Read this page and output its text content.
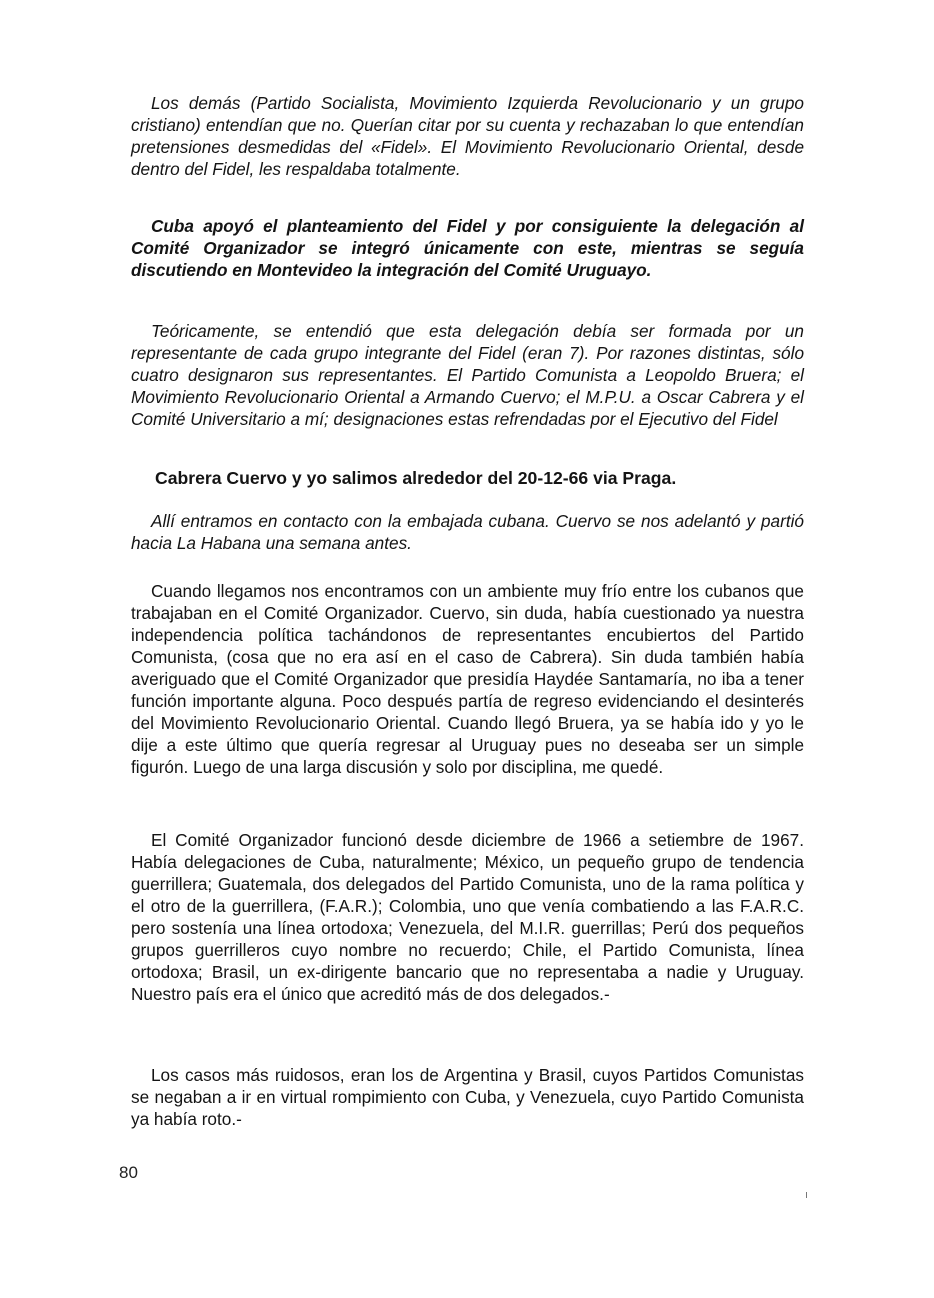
Los demás (Partido Socialista, Movimiento Izquierda Revolucionario y un grupo cristiano) entendían que no. Querían citar por su cuenta y rechazaban lo que entendían pretensiones desmedidas del «Fidel». El Movimiento Revolucionario Oriental, desde dentro del Fidel, les respaldaba totalmente.

Cuba apoyó el planteamiento del Fidel y por consiguiente la delegación al Comité Organizador se integró únicamente con este, mientras se seguía discutiendo en Montevideo la integración del Comité Uruguayo.

Teóricamente, se entendió que esta delegación debía ser formada por un representante de cada grupo integrante del Fidel (eran 7). Por razones distintas, sólo cuatro designaron sus representantes. El Partido Comunista a Leopoldo Bruera; el Movimiento Revolucionario Oriental a Armando Cuervo; el M.P.U. a Oscar Cabrera y el Comité Universitario a mí; designaciones estas refrendadas por el Ejecutivo del Fidel

Cabrera Cuervo y yo salimos alrededor del 20-12-66 via Praga.

Allí entramos en contacto con la embajada cubana. Cuervo se nos adelantó y partió hacia La Habana una semana antes.

Cuando llegamos nos encontramos con un ambiente muy frío entre los cubanos que trabajaban en el Comité Organizador. Cuervo, sin duda, había cuestionado ya nuestra independencia política tachándonos de representantes encubiertos del Partido Comunista, (cosa que no era así en el caso de Cabrera). Sin duda también había averiguado que el Comité Organizador que presidía Haydée Santamaría, no iba a tener función importante alguna. Poco después partía de regreso evidenciando el desinterés del Movimiento Revolucionario Oriental. Cuando llegó Bruera, ya se había ido y yo le dije a este último que quería regresar al Uruguay pues no deseaba ser un simple figurón. Luego de una larga discusión y solo por disciplina, me quedé.

El Comité Organizador funcionó desde diciembre de 1966 a setiembre de 1967. Había delegaciones de Cuba, naturalmente; México, un pequeño grupo de tendencia guerrillera; Guatemala, dos delegados del Partido Comunista, uno de la rama política y el otro de la guerrillera, (F.A.R.); Colombia, uno que venía combatiendo a las F.A.R.C. pero sostenía una línea ortodoxa; Venezuela, del M.I.R. guerrillas; Perú dos pequeños grupos guerrilleros cuyo nombre no recuerdo; Chile, el Partido Comunista, línea ortodoxa; Brasil, un ex-dirigente bancario que no representaba a nadie y Uruguay. Nuestro país era el único que acreditó más de dos delegados.-

Los casos más ruidosos, eran los de Argentina y Brasil, cuyos Partidos Comunistas se negaban a ir en virtual rompimiento con Cuba, y Venezuela, cuyo Partido Comunista ya había roto.-

80
